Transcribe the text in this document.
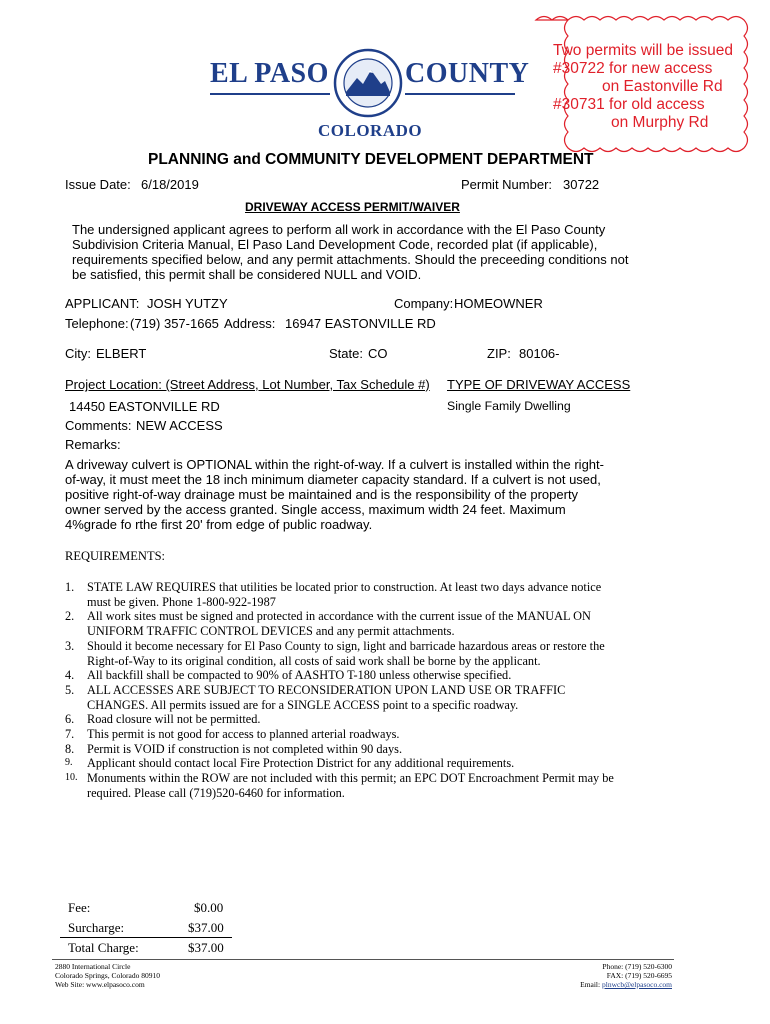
EL PASO	COUNTY
COLORADO
Two permits will be issued
#30722 for new access
on Eastonville Rd
#30731 for old access
on Murphy Rd
PLANNING and COMMUNITY DEVELOPMENT DEPARTMENT
Issue Date: 6/18/2019	Permit Number: 30722
DRIVEWAY ACCESS PERMIT/WAIVER
The undersigned applicant agrees to perform all work in accordance with the El Paso County Subdivision Criteria Manual, El Paso Land Development Code, recorded plat (if applicable), requirements specified below, and any permit attachments. Should the preceeding conditions not be satisfied, this permit shall be considered NULL and VOID.
APPLICANT: JOSH YUTZY	Company: HOMEOWNER
Telephone: (719) 357-1665 Address: 16947 EASTONVILLE RD
City: ELBERT	State: CO	ZIP: 80106-
Project Location: (Street Address, Lot Number, Tax Schedule #) TYPE OF DRIVEWAY ACCESS
14450 EASTONVILLE RD	Single Family Dwelling
Comments: NEW ACCESS
Remarks:
A driveway culvert is OPTIONAL within the right-of-way. If a culvert is installed within the right-of-way, it must meet the 18 inch minimum diameter capacity standard. If a culvert is not used, positive right-of-way drainage must be maintained and is the responsibility of the property owner served by the access granted. Single access, maximum width 24 feet. Maximum 4%grade fo rthe first 20' from edge of public roadway.
REQUIREMENTS:
1.	STATE LAW REQUIRES that utilities be located prior to construction. At least two days advance notice must be given. Phone 1-800-922-1987
2.	All work sites must be signed and protected in accordance with the current issue of the MANUAL ON UNIFORM TRAFFIC CONTROL DEVICES and any permit attachments.
3.	Should it become necessary for El Paso County to sign, light and barricade hazardous areas or restore the Right-of-Way to its original condition, all costs of said work shall be borne by the applicant.
4.	All backfill shall be compacted to 90% of AASHTO T-180 unless otherwise specified.
5.	ALL ACCESSES ARE SUBJECT TO RECONSIDERATION UPON LAND USE OR TRAFFIC CHANGES. All permits issued are for a SINGLE ACCESS point to a specific roadway.
6.	Road closure will not be permitted.
7.	This permit is not good for access to planned arterial roadways.
8.	Permit is VOID if construction is not completed within 90 days.
9.	Applicant should contact local Fire Protection District for any additional requirements.
10. Monuments within the ROW are not included with this permit; an EPC DOT Encroachment Permit may be required. Please call (719)520-6460 for information.
Fee:	$0.00
Surcharge:	$37.00
Total Charge:	$37.00
2880 International Circle
Colorado Springs, Colorado 80910
Web Site: www.elpasoco.com
Phone: (719) 520-6300
FAX: (719) 520-6695
Email: plnwcb@elpasoco.com
